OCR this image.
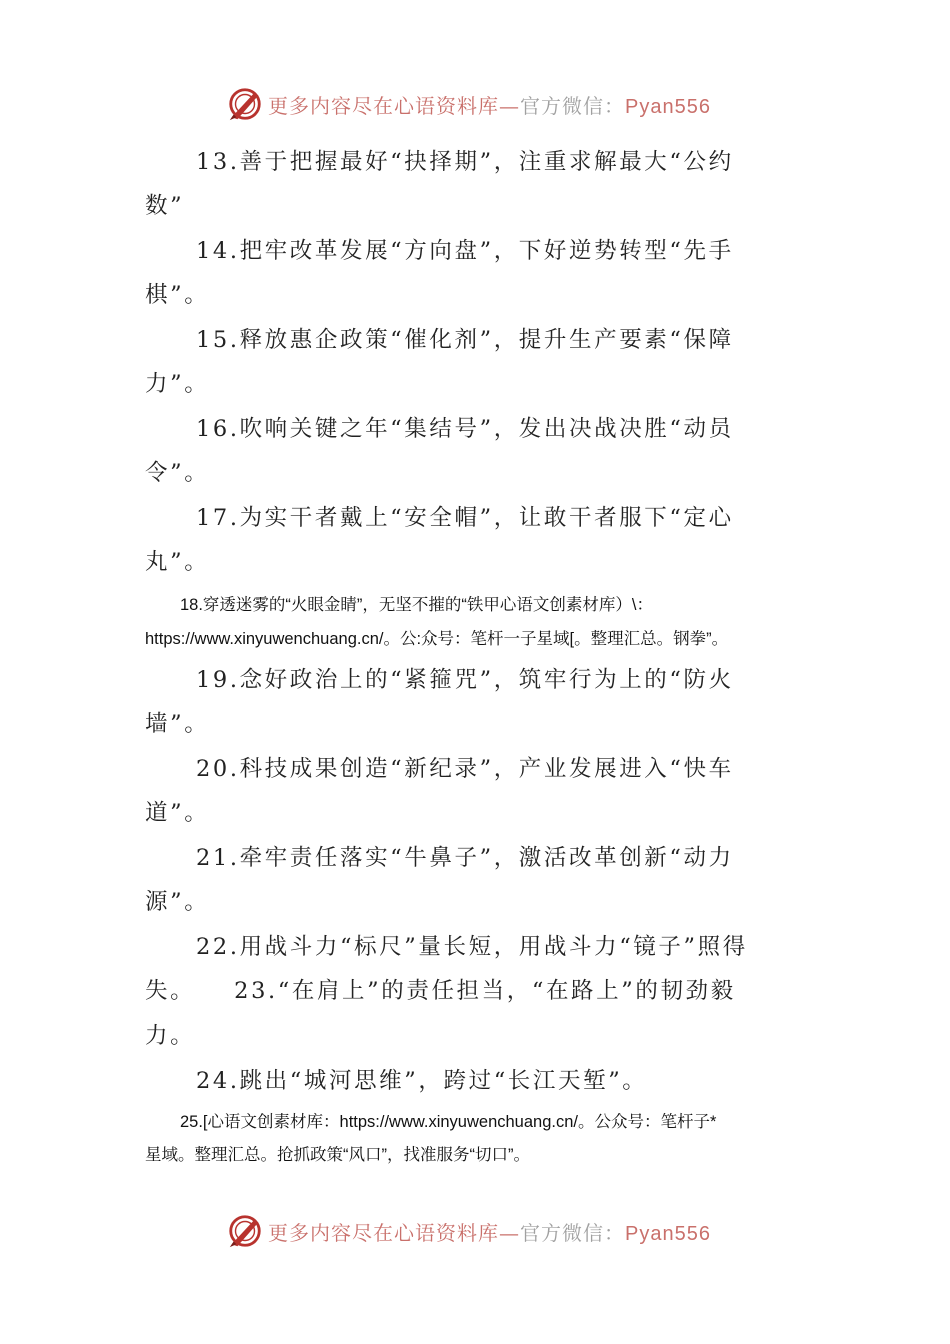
更多内容尽在心语资料库—官方微信：Pyan556
13.善于把握最好“抉择期”，注重求解最大“公约
数”
14.把牢改革发展“方向盘”，下好逆势转型“先手
棋”。
15.释放惠企政策“催化剂”，提升生产要素“保障
力”。
16.吹响关键之年“集结号”，发出决战决胜“动员
令”。
17.为实干者戴上“安全帽”，让敢干者服下“定心
丸”。
18.穿透迷雾的“火眼金睛”，无坚不摧的“铁甲心语文创素材库）\：
https://www.xinyuwenchuang.cn/。公:众号：笔杆一子星域[。整理汇总。钢拳”。
19.念好政治上的“紧箍咒”，筑牢行为上的“防火
墙”。
20.科技成果创造“新纪录”，产业发展进入“快车
道”。
21.牵牢责任落实“牛鼻子”，激活改革创新“动力
源”。
22.用战斗力“标尺”量长短，用战斗力“镜子”照得
失。　　23.“在肩上”的责任担当，“在路上”的韧劲毅
力。
24.跳出“城河思维”，跨过“长江天堑”。
25.[心语文创素材库：https://www.xinyuwenchuang.cn/。公众号：笔杆子*
星域。整理汇总。抢抓政策“风口”，找准服务“切口”。
更多内容尽在心语资料库—官方微信：Pyan556
